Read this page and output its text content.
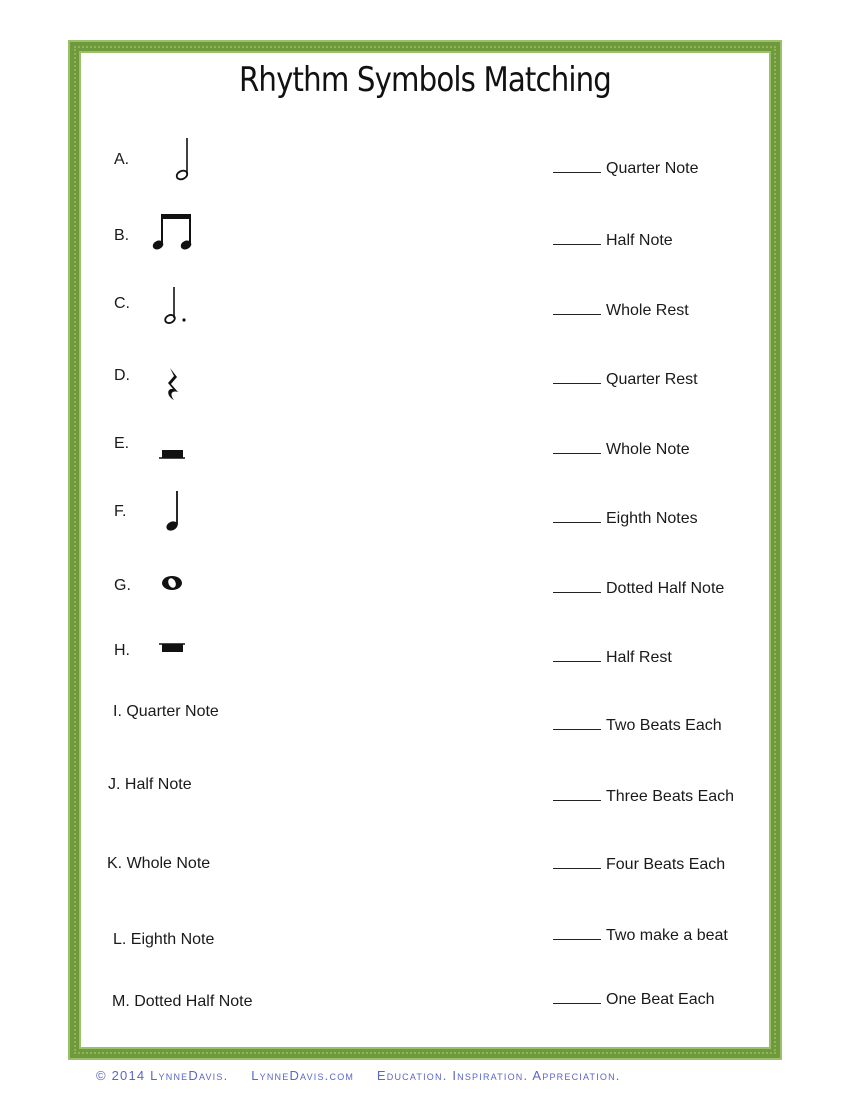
Rhythm Symbols Matching
A.
B.
C.
D.
E.
F.
G.
H.
I. Quarter Note
J. Half Note
K. Whole Note
L. Eighth Note
M. Dotted Half Note
Quarter Note
Half Note
Whole Rest
Quarter Rest
Whole Note
Eighth Notes
Dotted Half Note
Half Rest
Two Beats Each
Three Beats Each
Four Beats Each
Two make a beat
One Beat Each
© 2014 LynneDavis. LynneDavis.com Education. Inspiration. Appreciation.
